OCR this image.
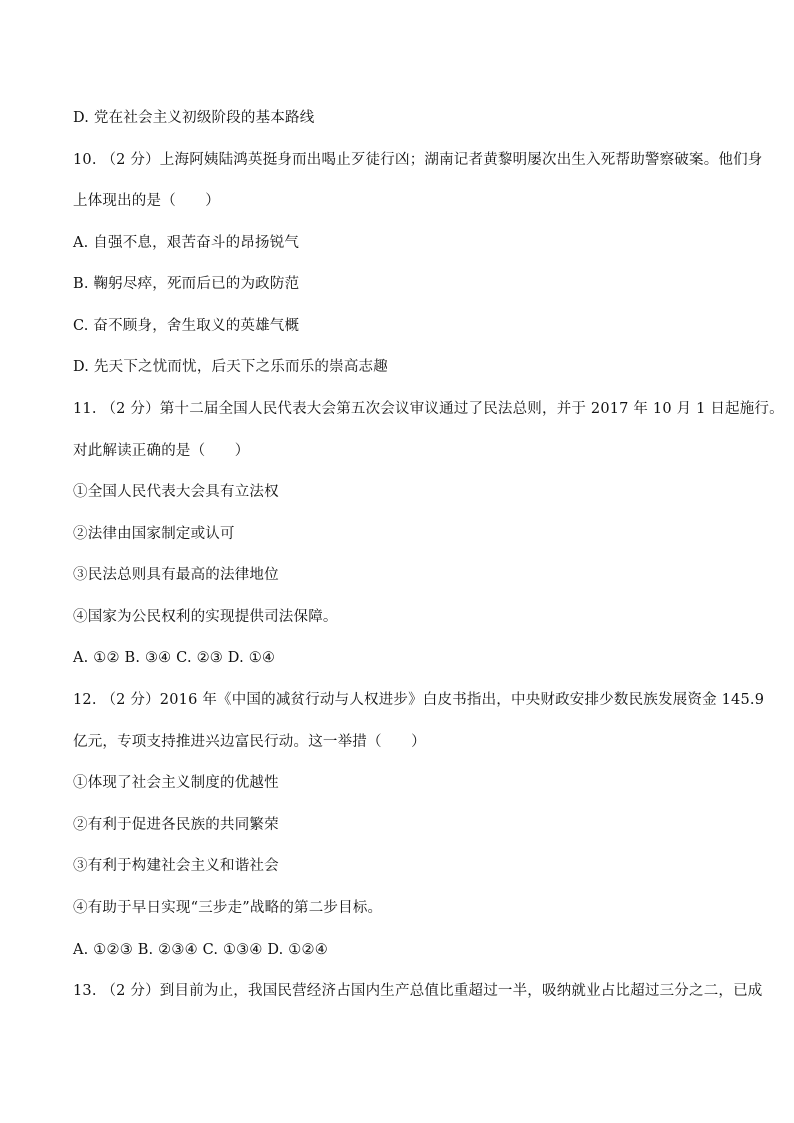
D. 党在社会主义初级阶段的基本路线
10. （2 分）上海阿姨陆鸿英挺身而出喝止歹徒行凶；湖南记者黄黎明屡次出生入死帮助警察破案。他们身
上体现出的是（　　）
A. 自强不息，艰苦奋斗的昂扬锐气
B. 鞠躬尽瘁，死而后已的为政防范
C. 奋不顾身，舍生取义的英雄气概
D. 先天下之忧而忧，后天下之乐而乐的崇高志趣
11. （2 分）第十二届全国人民代表大会第五次会议审议通过了民法总则，并于 2017 年 10 月 1 日起施行。
对此解读正确的是（　　）
①全国人民代表大会具有立法权
②法律由国家制定或认可
③民法总则具有最高的法律地位
④国家为公民权利的实现提供司法保障。
A. ①② B. ③④ C. ②③ D. ①④
12. （2 分）2016 年《中国的减贫行动与人权进步》白皮书指出，中央财政安排少数民族发展资金 145.9
亿元，专项支持推进兴边富民行动。这一举措（　　）
①体现了社会主义制度的优越性
②有利于促进各民族的共同繁荣
③有利于构建社会主义和谐社会
④有助于早日实现“三步走”战略的第二步目标。
A. ①②③ B. ②③④ C. ①③④ D. ①②④
13. （2 分）到目前为止，我国民营经济占国内生产总值比重超过一半，吸纳就业占比超过三分之二，已成
